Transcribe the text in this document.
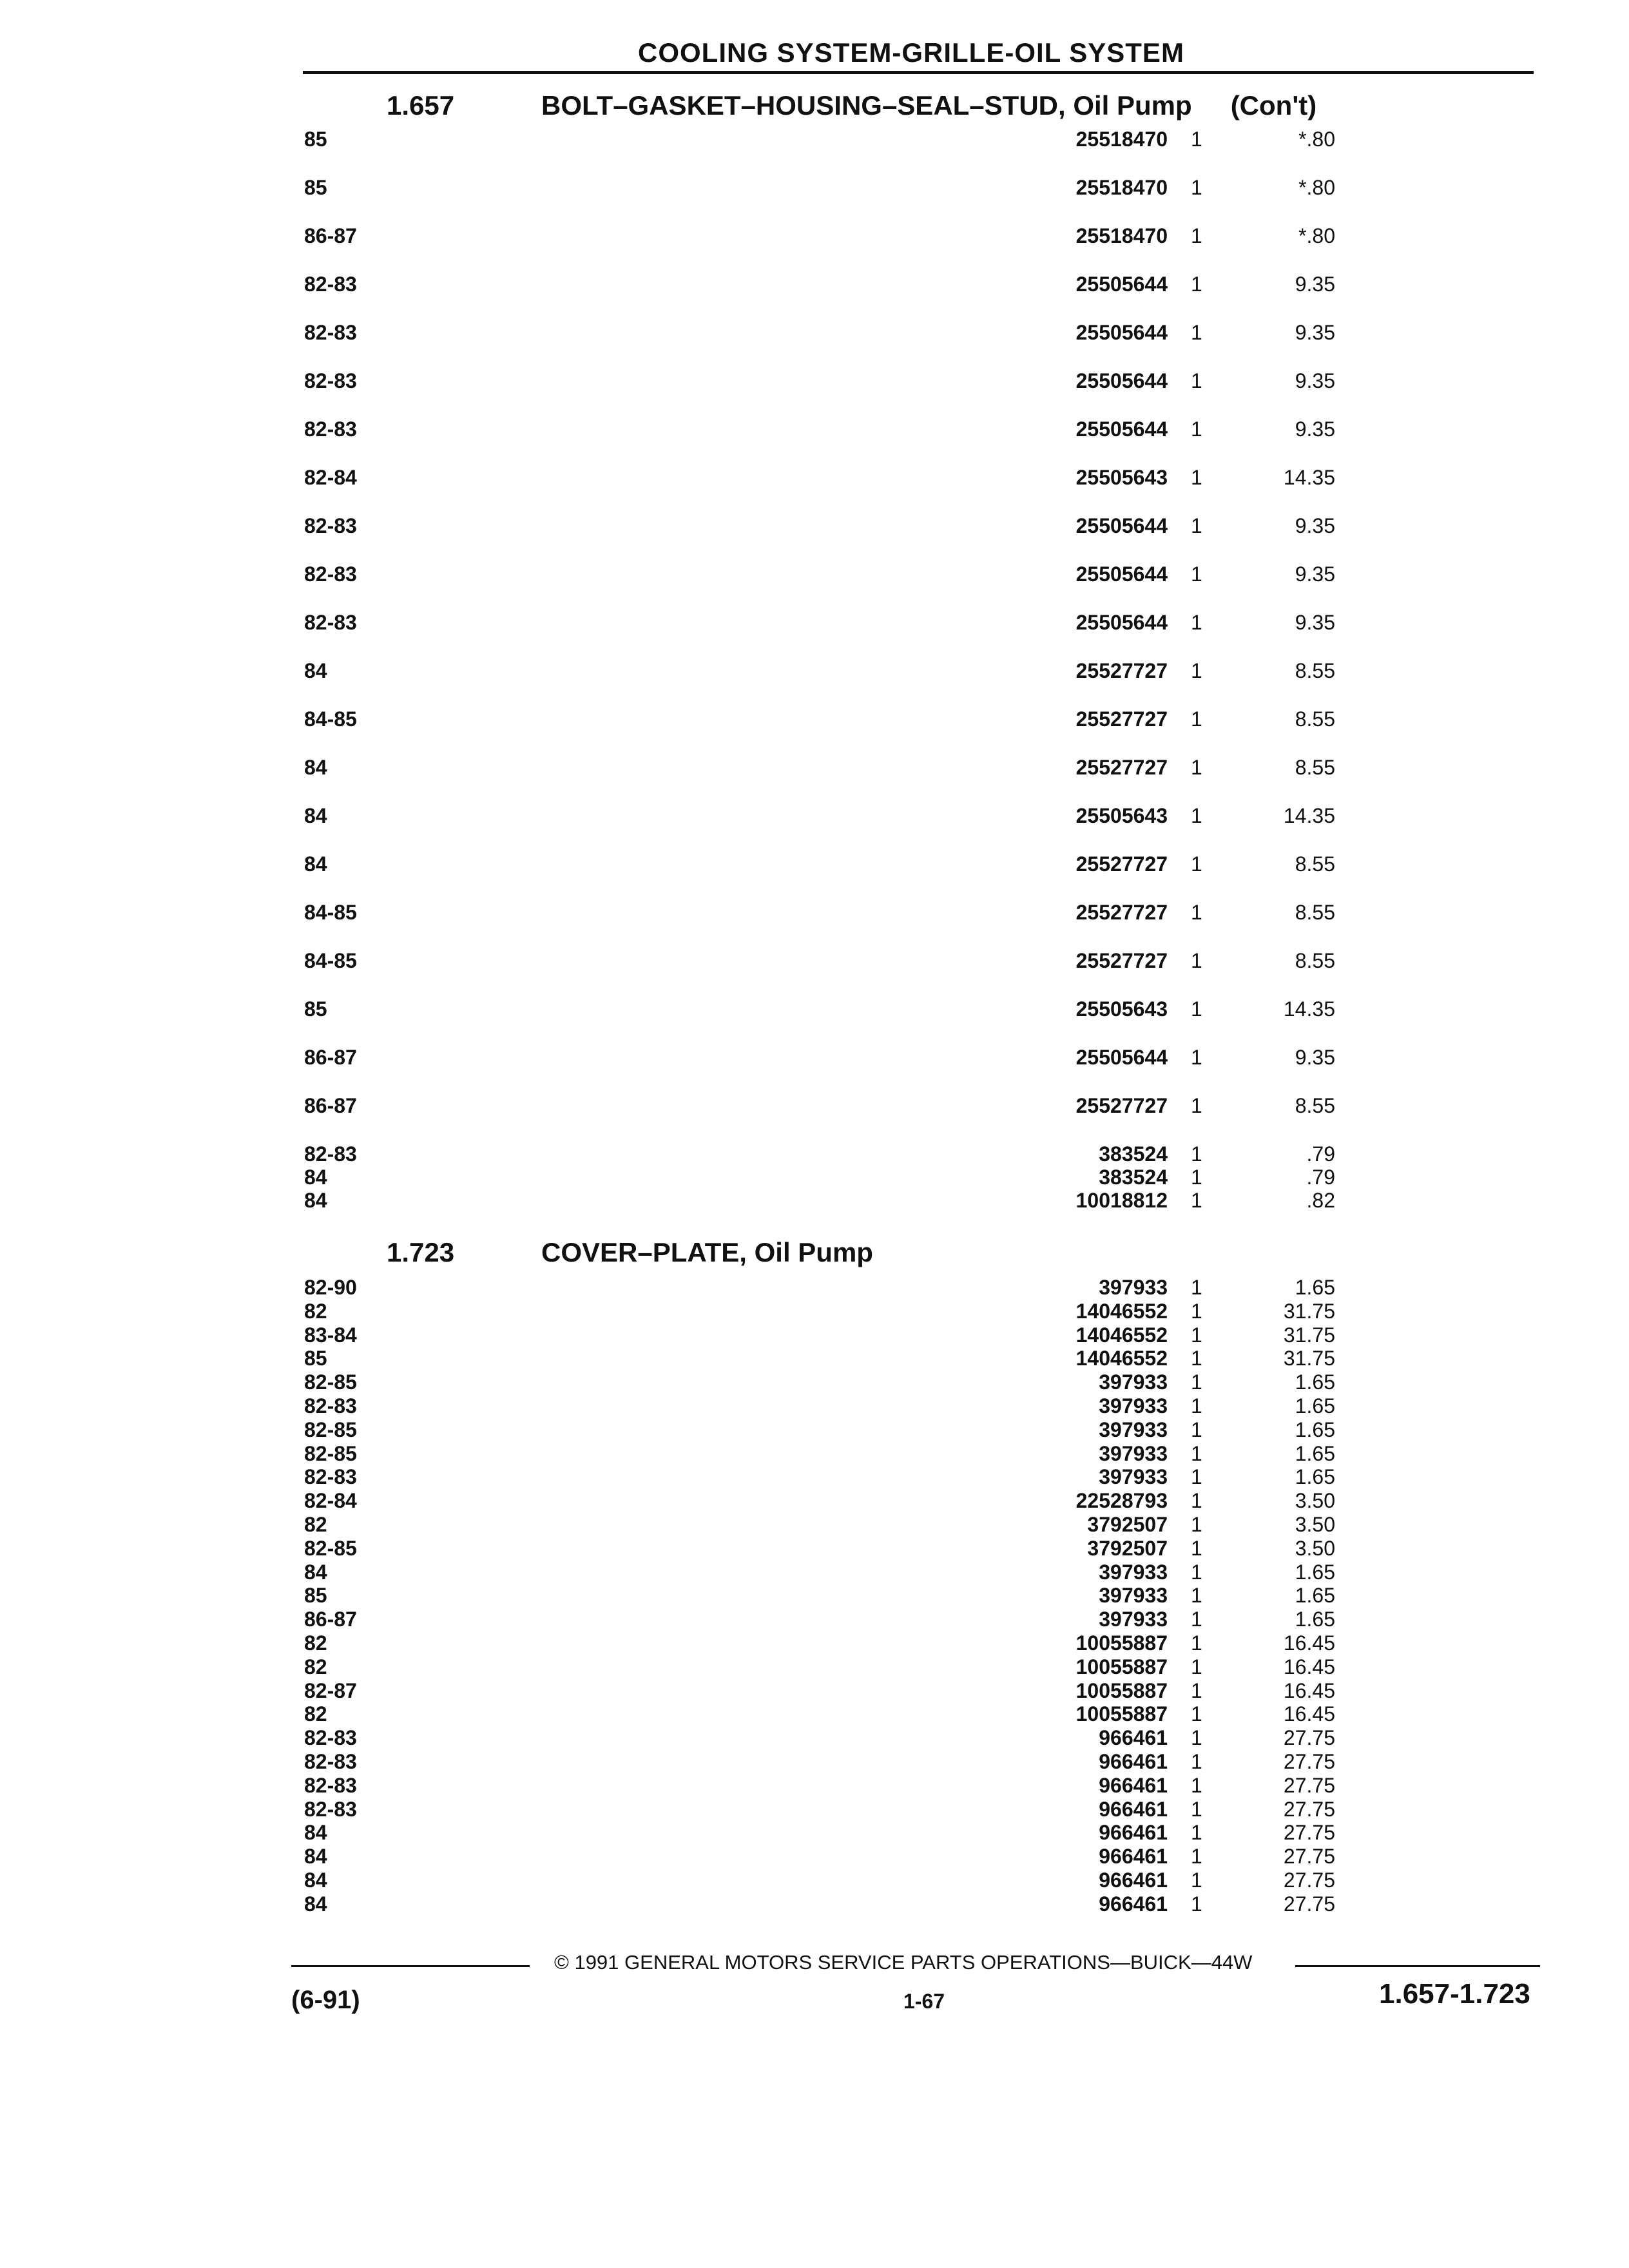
COOLING SYSTEM-GRILLE-OIL SYSTEM
1.657	BOLT–GASKET–HOUSING–SEAL–STUD, Oil Pump (Con't)
85	25518470 1	*.80
85	25518470 1	*.80
86-87	25518470 1	*.80
82-83	25505644 1	9.35
82-83	25505644 1	9.35
82-83	25505644 1	9.35
82-83	25505644 1	9.35
82-84	25505643 1	14.35
82-83	25505644 1	9.35
82-83	25505644 1	9.35
82-83	25505644 1	9.35
84	25527727 1	8.55
84-85	25527727 1	8.55
84	25527727 1	8.55
84	25505643 1	14.35
84	25527727 1	8.55
84-85	25527727 1	8.55
84-85	25527727 1	8.55
85	25505643 1	14.35
86-87	25505644 1	9.35
86-87	25527727 1	8.55
82-83	383524 1	.79
84	383524 1	.79
84	10018812 1	.82
1.723	COVER–PLATE, Oil Pump
82-90	397933 1	1.65
82	14046552 1	31.75
83-84	14046552 1	31.75
85	14046552 1	31.75
82-85	397933 1	1.65
82-83	397933 1	1.65
82-85	397933 1	1.65
82-85	397933 1	1.65
82-83	397933 1	1.65
82-84	22528793 1	3.50
82	3792507 1	3.50
82-85	3792507 1	3.50
84	397933 1	1.65
85	397933 1	1.65
86-87	397933 1	1.65
82	10055887 1	16.45
82	10055887 1	16.45
82-87	10055887 1	16.45
82	10055887 1	16.45
82-83	966461 1	27.75
82-83	966461 1	27.75
82-83	966461 1	27.75
82-83	966461 1	27.75
84	966461 1	27.75
84	966461 1	27.75
84	966461 1	27.75
84	966461 1	27.75
© 1991 GENERAL MOTORS SERVICE PARTS OPERATIONS—BUICK—44W
(6-91)	1-67	1.657-1.723
